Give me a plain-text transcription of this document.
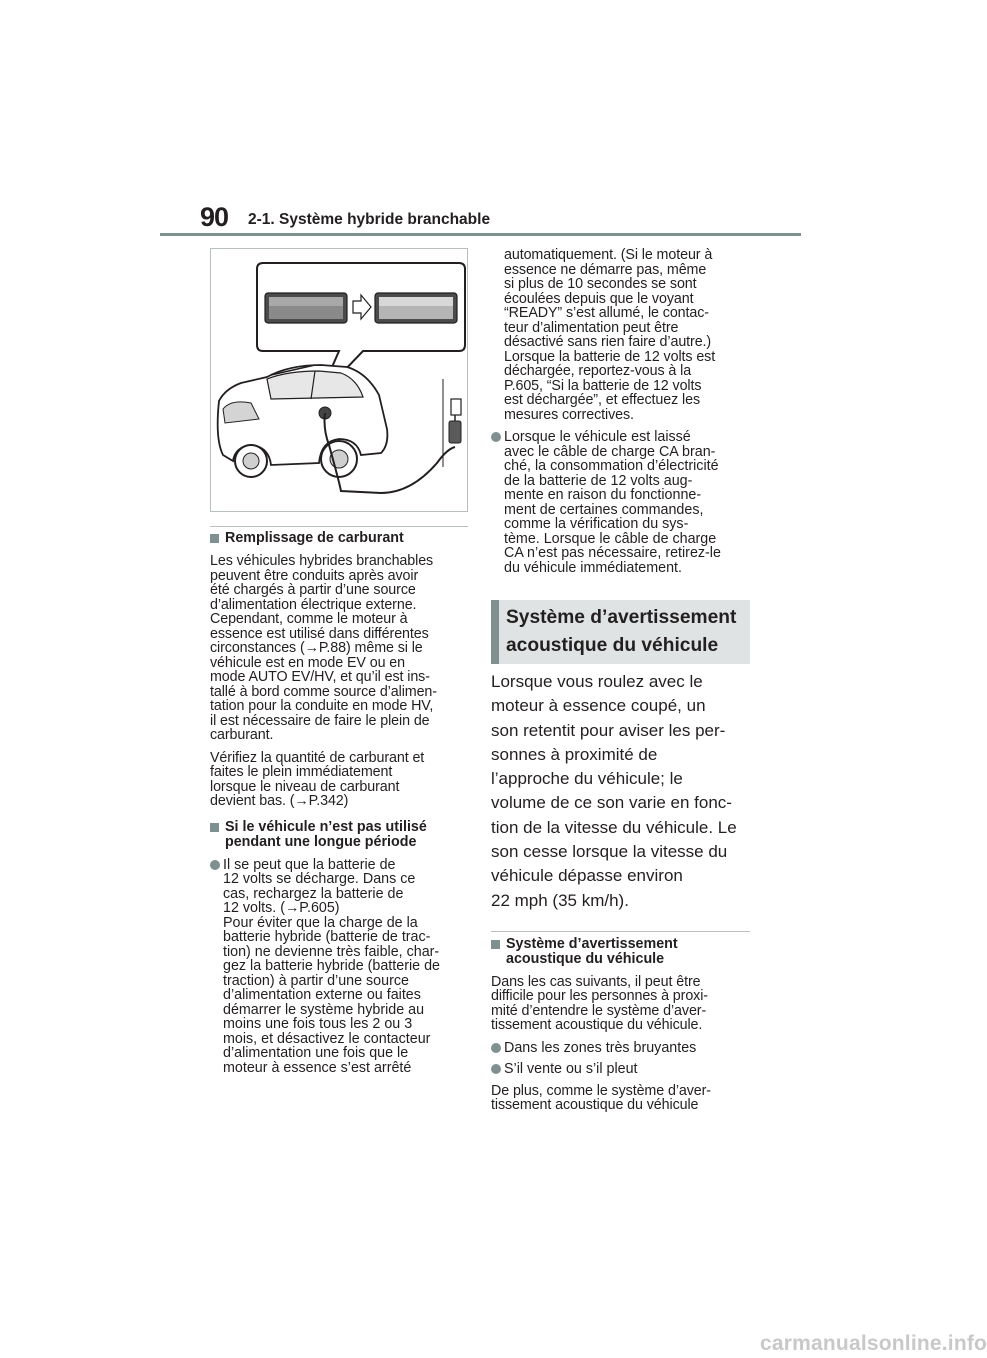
90 2-1. Système hybride branchable
Remplissage de carburant
Les véhicules hybrides branchables
peuvent être conduits après avoir
été chargés à partir d’une source
d’alimentation électrique externe.
Cependant, comme le moteur à
essence est utilisé dans différentes
circonstances (→P.88) même si le
véhicule est en mode EV ou en
mode AUTO EV/HV, et qu’il est ins-
tallé à bord comme source d’alimen-
tation pour la conduite en mode HV,
il est nécessaire de faire le plein de
carburant.
Vérifiez la quantité de carburant et
faites le plein immédiatement
lorsque le niveau de carburant
devient bas. (→P.342)
Si le véhicule n’est pas utilisé
pendant une longue période
Il se peut que la batterie de
12 volts se décharge. Dans ce
cas, rechargez la batterie de
12 volts. (→P.605)
Pour éviter que la charge de la
batterie hybride (batterie de trac-
tion) ne devienne très faible, char-
gez la batterie hybride (batterie de
traction) à partir d’une source
d’alimentation externe ou faites
démarrer le système hybride au
moins une fois tous les 2 ou 3
mois, et désactivez le contacteur
d’alimentation une fois que le
moteur à essence s’est arrêté
automatiquement. (Si le moteur à
essence ne démarre pas, même
si plus de 10 secondes se sont
écoulées depuis que le voyant
“READY” s’est allumé, le contac-
teur d’alimentation peut être
désactivé sans rien faire d’autre.)
Lorsque la batterie de 12 volts est
déchargée, reportez-vous à la
P.605, “Si la batterie de 12 volts
est déchargée”, et effectuez les
mesures correctives.
Lorsque le véhicule est laissé
avec le câble de charge CA bran-
ché, la consommation d’électricité
de la batterie de 12 volts aug-
mente en raison du fonctionne-
ment de certaines commandes,
comme la vérification du sys-
tème. Lorsque le câble de charge
CA n’est pas nécessaire, retirez-le
du véhicule immédiatement.
Système d’avertissement
acoustique du véhicule
Lorsque vous roulez avec le
moteur à essence coupé, un
son retentit pour aviser les per-
sonnes à proximité de
l’approche du véhicule; le
volume de ce son varie en fonc-
tion de la vitesse du véhicule. Le
son cesse lorsque la vitesse du
véhicule dépasse environ
22 mph (35 km/h).
Système d’avertissement
acoustique du véhicule
Dans les cas suivants, il peut être
difficile pour les personnes à proxi-
mité d’entendre le système d’aver-
tissement acoustique du véhicule.
Dans les zones très bruyantes
S’il vente ou s’il pleut
De plus, comme le système d’aver-
tissement acoustique du véhicule
carmanualsonline.info
